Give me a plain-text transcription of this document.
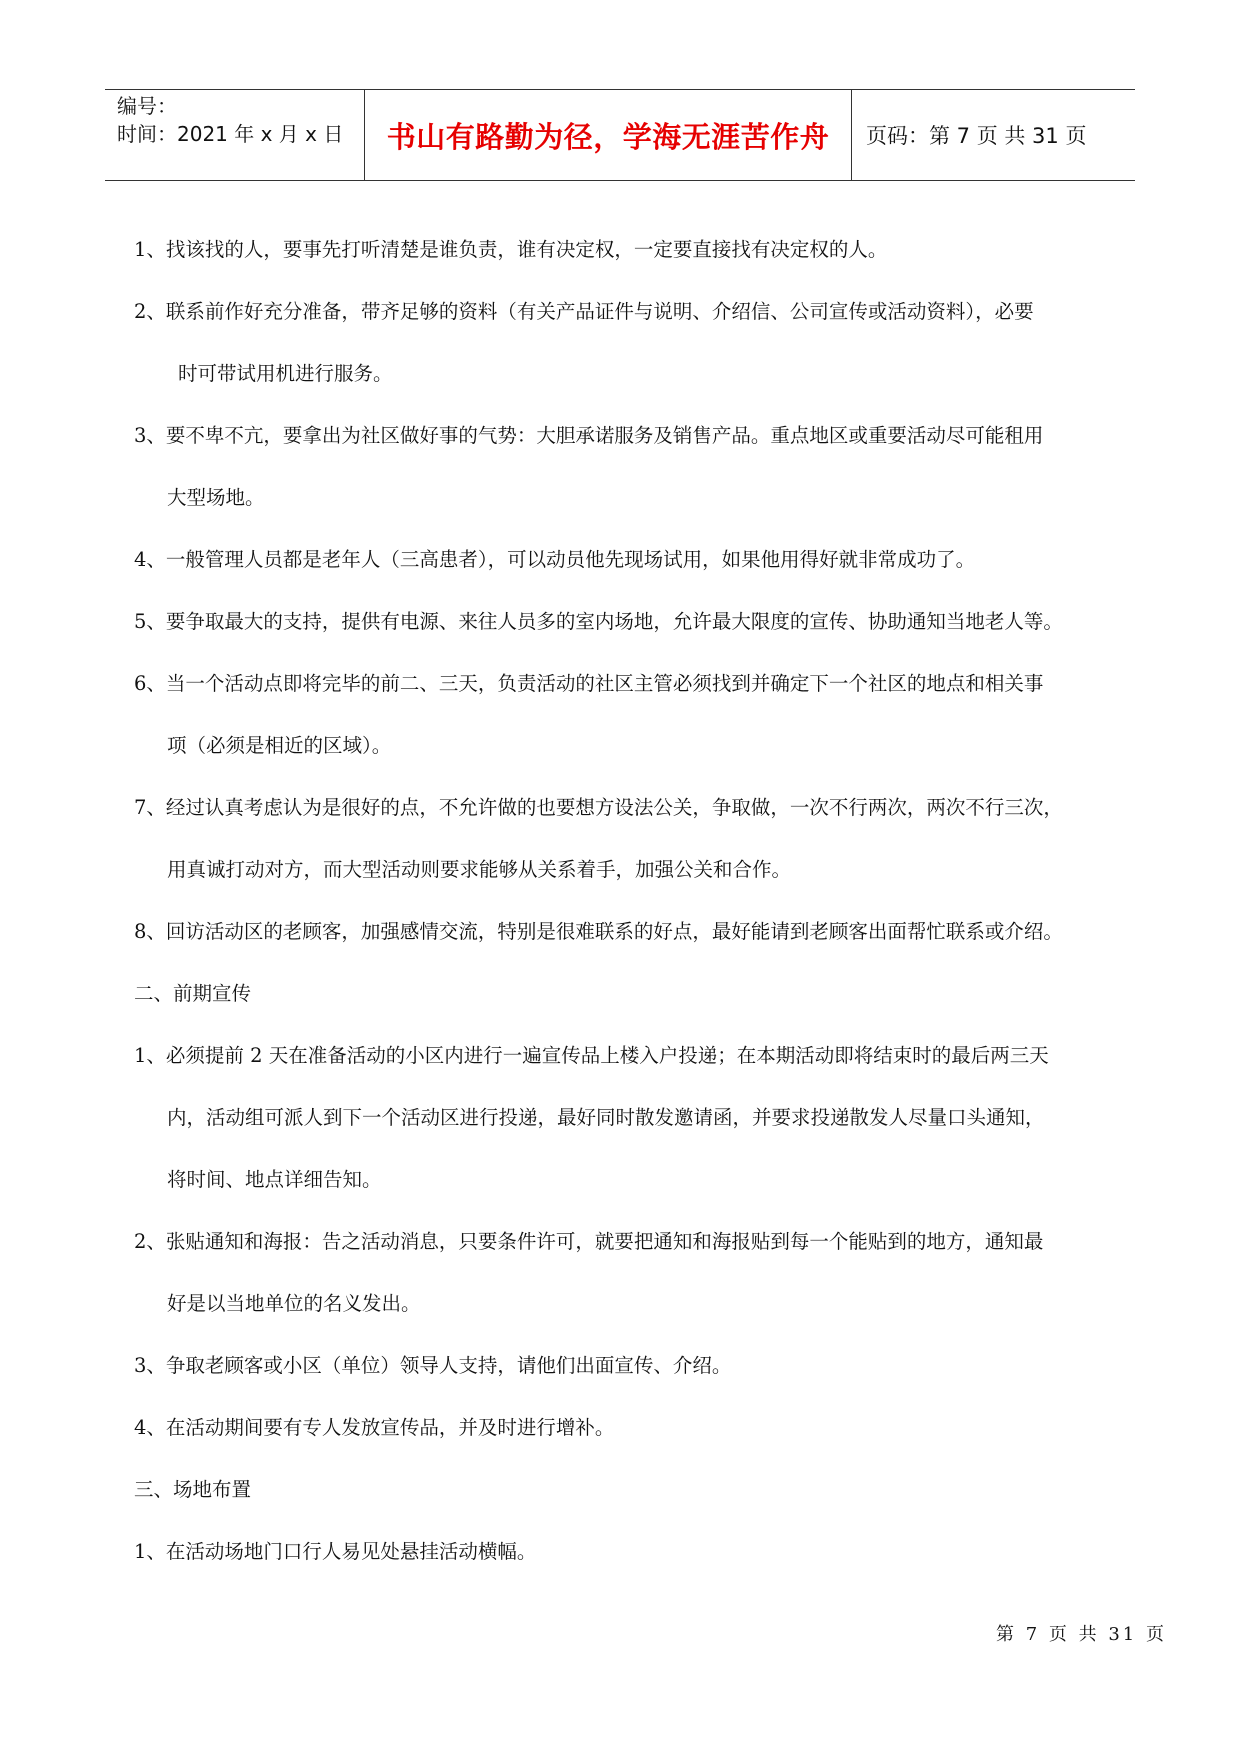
编号：
时间：2021 年 x 月 x 日	书山有路勤为径，学海无涯苦作舟	页码：第 7 页 共 31 页
1、找该找的人，要事先打听清楚是谁负责，谁有决定权，一定要直接找有决定权的人。
2、联系前作好充分准备，带齐足够的资料（有关产品证件与说明、介绍信、公司宣传或活动资料），必要
时可带试用机进行服务。
3、要不卑不亢，要拿出为社区做好事的气势：大胆承诺服务及销售产品。重点地区或重要活动尽可能租用
大型场地。
4、一般管理人员都是老年人（三高患者），可以动员他先现场试用，如果他用得好就非常成功了。
5、要争取最大的支持，提供有电源、来往人员多的室内场地，允许最大限度的宣传、协助通知当地老人等。
6、当一个活动点即将完毕的前二、三天，负责活动的社区主管必须找到并确定下一个社区的地点和相关事
项（必须是相近的区域）。
7、经过认真考虑认为是很好的点，不允许做的也要想方设法公关，争取做，一次不行两次，两次不行三次，
用真诚打动对方，而大型活动则要求能够从关系着手，加强公关和合作。
8、回访活动区的老顾客，加强感情交流，特别是很难联系的好点，最好能请到老顾客出面帮忙联系或介绍。
二、前期宣传
1、必须提前 2 天在准备活动的小区内进行一遍宣传品上楼入户投递；在本期活动即将结束时的最后两三天
内，活动组可派人到下一个活动区进行投递，最好同时散发邀请函，并要求投递散发人尽量口头通知，
将时间、地点详细告知。
2、张贴通知和海报：告之活动消息，只要条件许可，就要把通知和海报贴到每一个能贴到的地方，通知最
好是以当地单位的名义发出。
3、争取老顾客或小区（单位）领导人支持，请他们出面宣传、介绍。
4、在活动期间要有专人发放宣传品，并及时进行增补。
三、场地布置
1、在活动场地门口行人易见处悬挂活动横幅。
第 7 页 共 31 页
